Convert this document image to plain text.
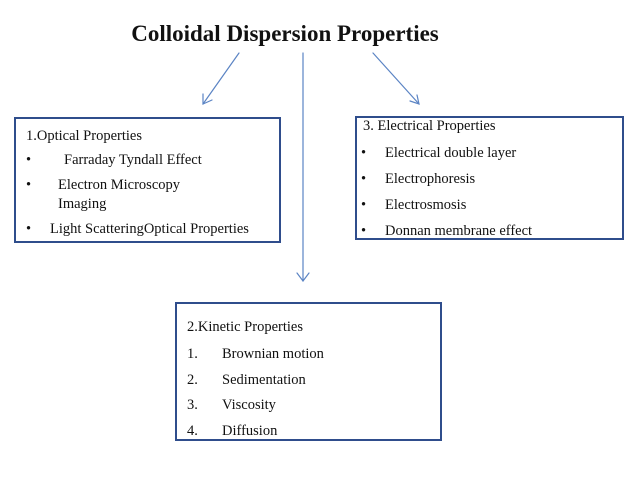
Colloidal Dispersion Properties
1.Optical Properties
•	Farraday Tyndall Effect
•	Electron Microscopy Imaging
•	Light ScatteringOptical Properties
3. Electrical Properties
•	Electrical double layer
•	Electrophoresis
•	Electrosmosis
•	Donnan membrane effect
2.Kinetic Properties
1.	Brownian motion
2.	Sedimentation
3.	Viscosity
4.	Diffusion
